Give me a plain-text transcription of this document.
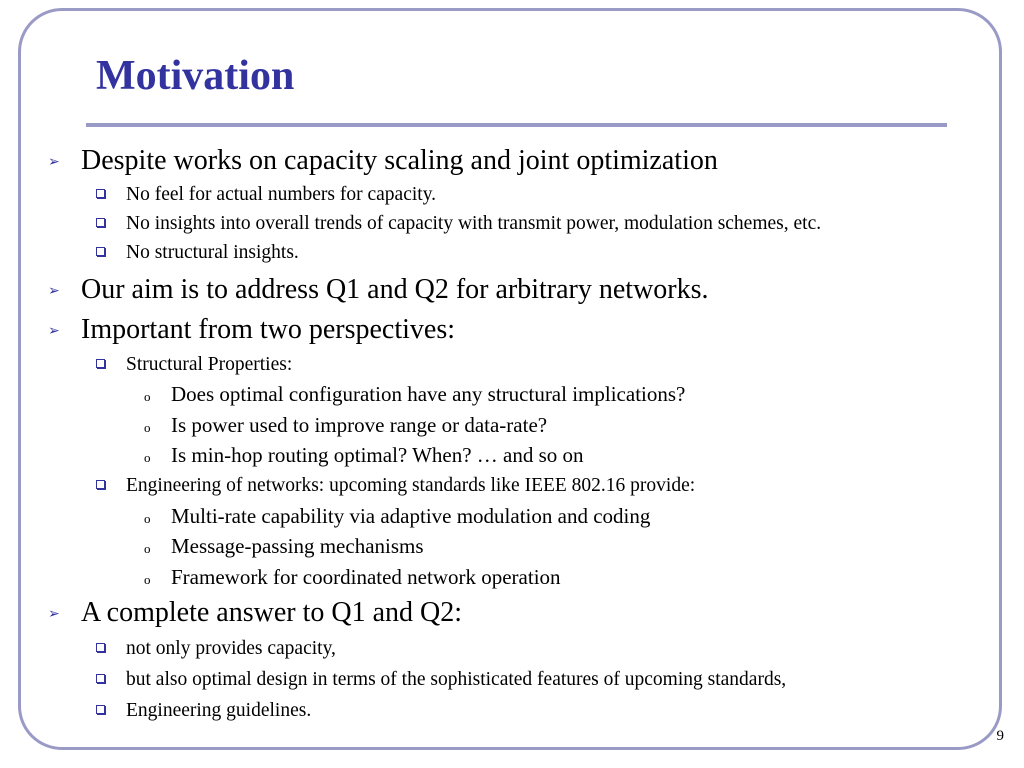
Motivation
➢ Despite works on capacity scaling and joint optimization
No feel for actual numbers for capacity.
No insights into overall trends of capacity with transmit power, modulation schemes, etc.
No structural insights.
➢ Our aim is to address Q1 and Q2 for arbitrary networks.
➢ Important from two perspectives:
Structural Properties:
o Does optimal configuration have any structural implications?
o Is power used to improve range or data-rate?
o Is min-hop routing optimal? When? … and so on
Engineering of networks: upcoming standards like IEEE 802.16 provide:
o Multi-rate capability via adaptive modulation and coding
o Message-passing mechanisms
o Framework for coordinated network operation
➢ A complete answer to Q1 and Q2:
not only provides capacity,
but also optimal design in terms of the sophisticated features of upcoming standards,
Engineering guidelines.
9
